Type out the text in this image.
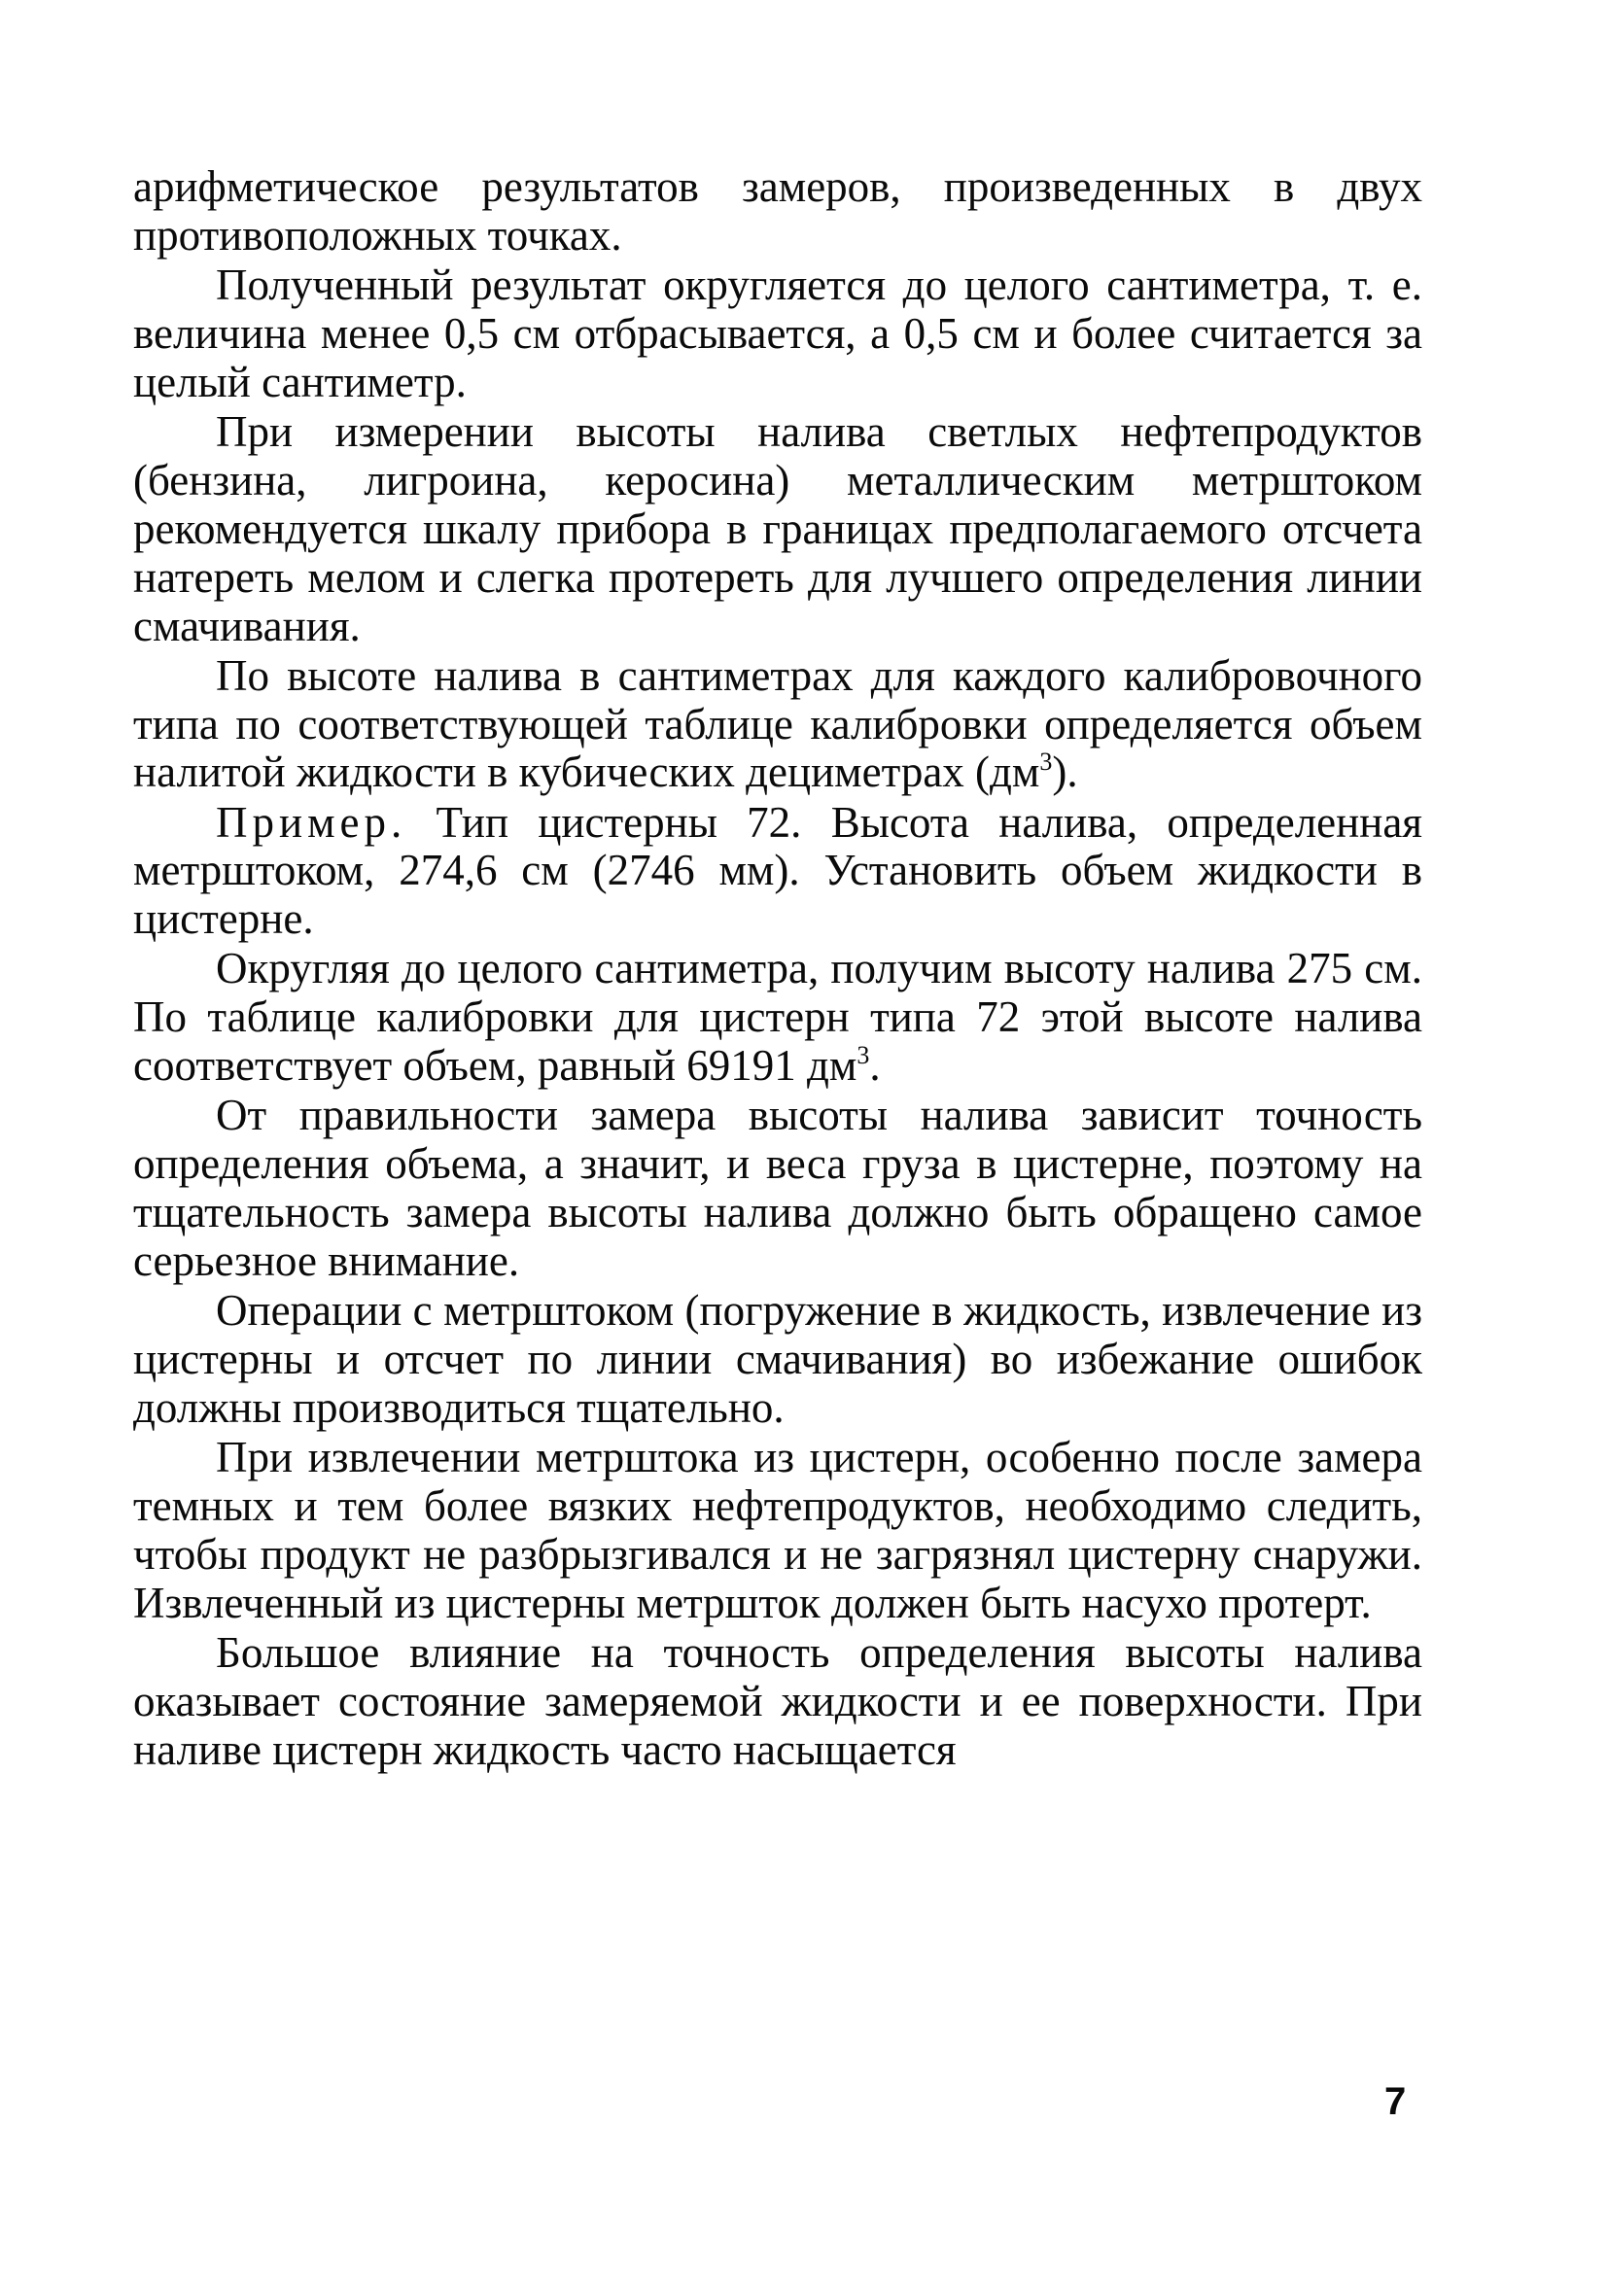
арифметическое результатов замеров, произведенных в двух противоположных точках.

Полученный результат округляется до целого сантиметра, т. е. величина менее 0,5 см отбрасывается, а 0,5 см и более считается за целый сантиметр.

При измерении высоты налива светлых нефтепродуктов (бензина, лигроина, керосина) металлическим метрштоком рекомендуется шкалу прибора в границах предполагаемого отсчета натереть мелом и слегка протереть для лучшего определения линии смачивания.

По высоте налива в сантиметрах для каждого калибровочного типа по соответствующей таблице калибровки определяется объем налитой жидкости в кубических дециметрах $(дм^3)$.

Пример. Тип цистерны 72. Высота налива, определенная метрштоком, 274,6 см (2746 мм). Установить объем жидкости в цистерне.

Округляя до целого сантиметра, получим высоту налива 275 см. По таблице калибровки для цистерн типа 72 этой высоте налива соответствует объем, равный 69191 $дм^3$.

От правильности замера высоты налива зависит точность определения объема, а значит, и веса груза в цистерне, поэтому на тщательность замера высоты налива должно быть обращено самое серьезное внимание.

Операции с метрштоком (погружение в жидкость, извлечение из цистерны и отсчет по линии смачивания) во избежание ошибок должны производиться тщательно.

При извлечении метрштока из цистерн, особенно после замера темных и тем более вязких нефтепродуктов, необходимо следить, чтобы продукт не разбрызгивался и не загрязнял цистерну снаружи. Извлеченный из цистерны метршток должен быть насухо протерт.

Большое влияние на точность определения высоты налива оказывает состояние замеряемой жидкости и ее поверхности. При наливе цистерн жидкость часто насыщается

7
